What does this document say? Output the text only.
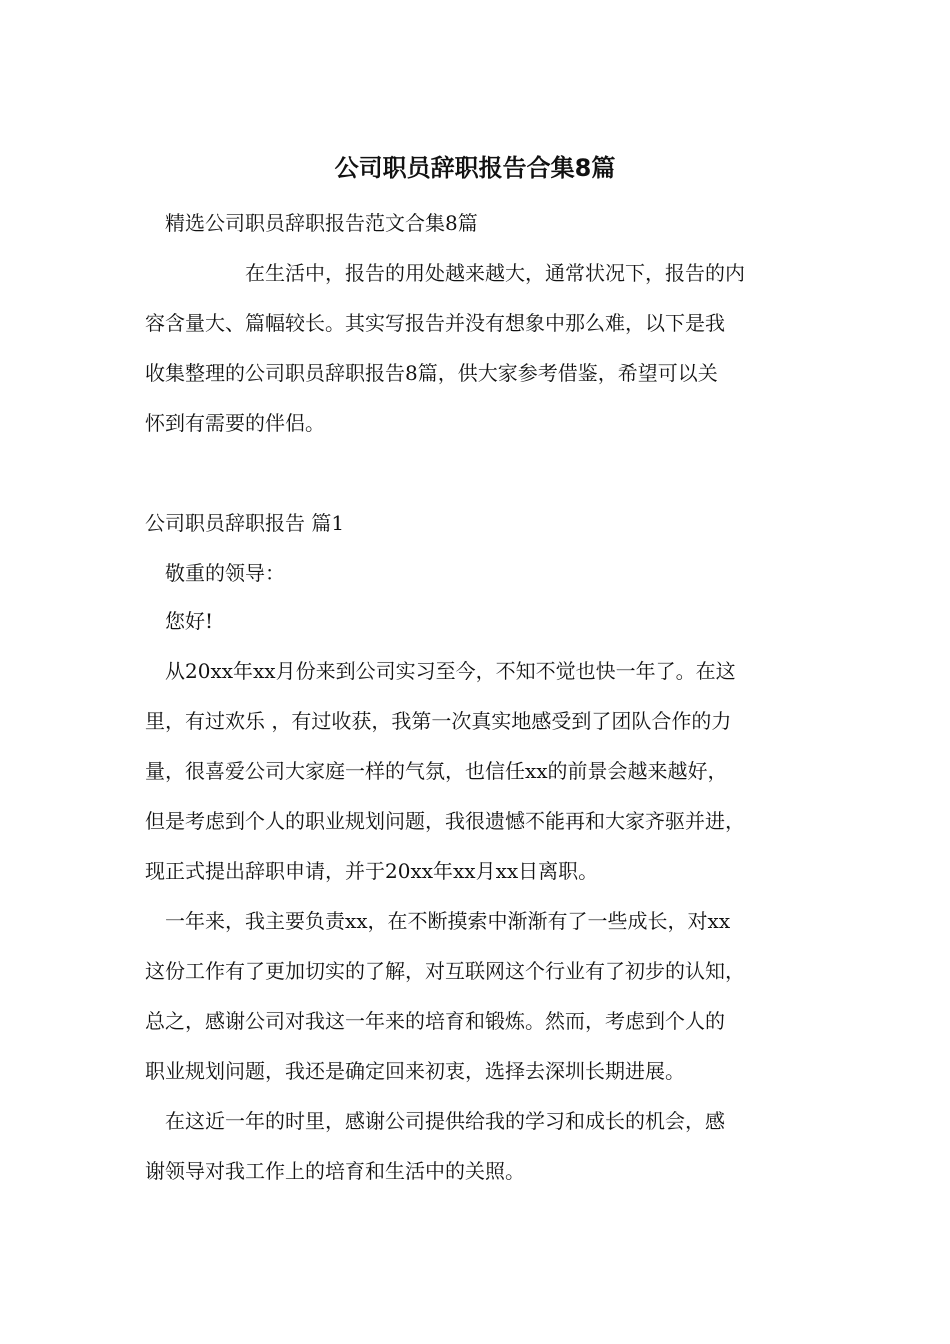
公司职员辞职报告合集8篇
精选公司职员辞职报告范文合集8篇
在生活中，报告的用处越来越大，通常状况下，报告的内
容含量大、篇幅较长。其实写报告并没有想象中那么难，以下是我
收集整理的公司职员辞职报告8篇，供大家参考借鉴，希望可以关
怀到有需要的伴侣。
公司职员辞职报告 篇1
敬重的领导：
您好!
从20xx年xx月份来到公司实习至今，不知不觉也快一年了。在这
里，有过欢乐 ，有过收获，我第一次真实地感受到了团队合作的力
量，很喜爱公司大家庭一样的气氛，也信任xx的前景会越来越好，
但是考虑到个人的职业规划问题，我很遗憾不能再和大家齐驱并进，
现正式提出辞职申请，并于20xx年xx月xx日离职。
一年来，我主要负责xx，在不断摸索中渐渐有了一些成长，对xx
这份工作有了更加切实的了解，对互联网这个行业有了初步的认知，
总之，感谢公司对我这一年来的培育和锻炼。然而，考虑到个人的
职业规划问题，我还是确定回来初衷，选择去深圳长期进展。
在这近一年的时里，感谢公司提供给我的学习和成长的机会，感
谢领导对我工作上的培育和生活中的关照。
